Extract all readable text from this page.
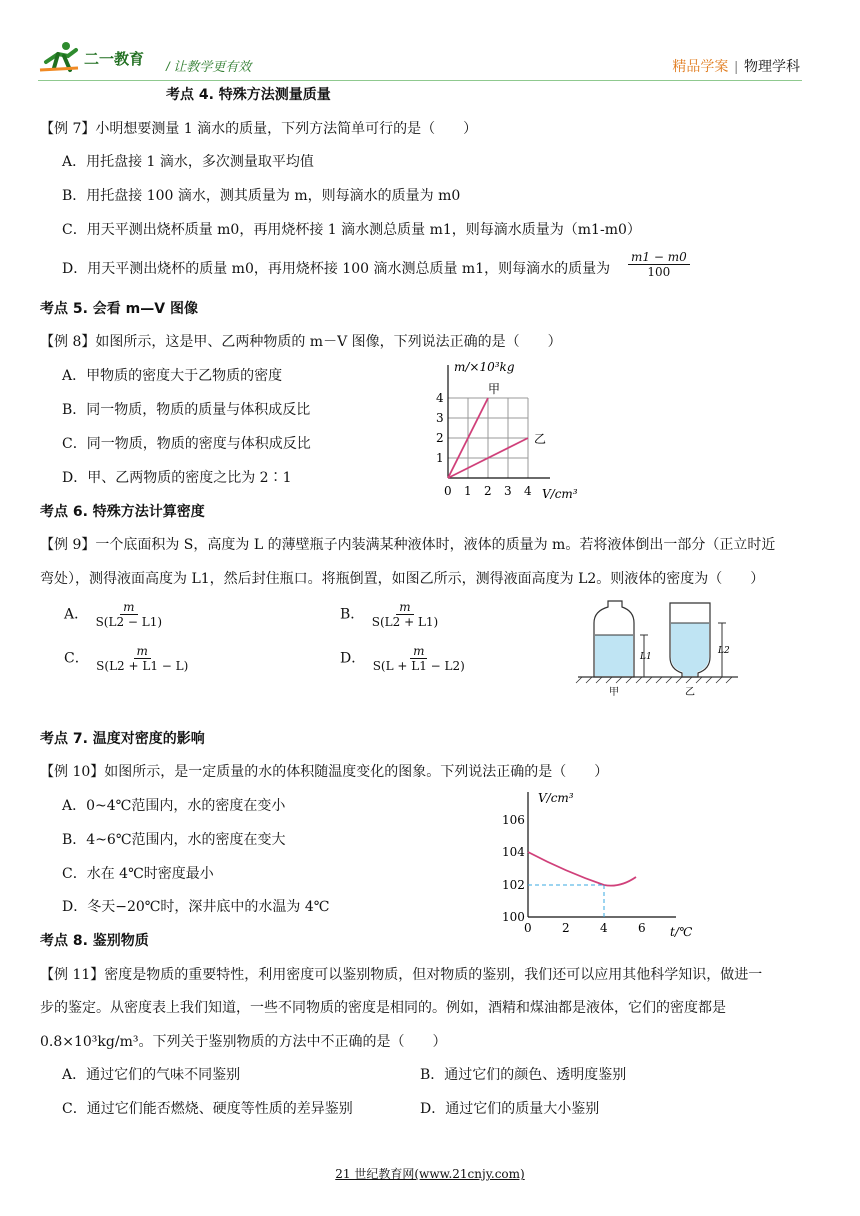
二一教育 / 让教学更有效	精品学案 | 物理学科
考点 4. 特殊方法测量质量
【例 7】小明想要测量 1 滴水的质量，下列方法简单可行的是（　　）
A．用托盘接 1 滴水，多次测量取平均值
B．用托盘接 100 滴水，测其质量为 m，则每滴水的质量为 m0
C．用天平测出烧杯质量 m0，再用烧杯接 1 滴水测总质量 m1，则每滴水质量为（m1-m0）
D．用天平测出烧杯的质量 m0，再用烧杯接 100 滴水测总质量 m1，则每滴水的质量为 $\frac{m1 - m0}{100}$
考点 5. 会看 m—V 图像
【例 8】如图所示，这是甲、乙两种物质的 m－V 图像，下列说法正确的是（　　）
A．甲物质的密度大于乙物质的密度
B．同一物质，物质的质量与体积成反比
C．同一物质，物质的密度与体积成反比
D．甲、乙两物质的密度之比为 2∶1
m/×10³kg
V/cm³
甲
乙
1
2
3
4
0 1 2 3 4
考点 6. 特殊方法计算密度
【例 9】一个底面积为 S，高度为 L 的薄壁瓶子内装满某种液体时，液体的质量为 m。若将液体倒出一部分（正立时近
弯处），测得液面高度为 L1，然后封住瓶口。将瓶倒置，如图乙所示，测得液面高度为 L2。则液体的密度为（　　）
A． $\frac{m}{S(L2 - L1)}$	B． $\frac{m}{S(L2 + L1)}$
C． $\frac{m}{S(L2 + L1 - L)}$	D． $\frac{m}{S(L + L1 - L2)}$	L1
L2
甲	乙
考点 7. 温度对密度的影响
【例 10】如图所示，是一定质量的水的体积随温度变化的图象。下列说法正确的是（　　）
A．0~4℃范围内，水的密度在变小
B．4~6℃范围内，水的密度在变大
C．水在 4℃时密度最小
D．冬天−20℃时，深井底中的水温为 4℃
V/cm³
t/℃
100
102
104
106
0	2	4	6
考点 8. 鉴别物质
【例 11】密度是物质的重要特性，利用密度可以鉴别物质，但对物质的鉴别，我们还可以应用其他科学知识，做进一
步的鉴定。从密度表上我们知道，一些不同物质的密度是相同的。例如，酒精和煤油都是液体，它们的密度都是
0.8×10³kg/m³。下列关于鉴别物质的方法中不正确的是（　　）
A．通过它们的气味不同鉴别	B．通过它们的颜色、透明度鉴别
C．通过它们能否燃烧、硬度等性质的差异鉴别	D．通过它们的质量大小鉴别
21 世纪教育网(www.21cnjy.com)
